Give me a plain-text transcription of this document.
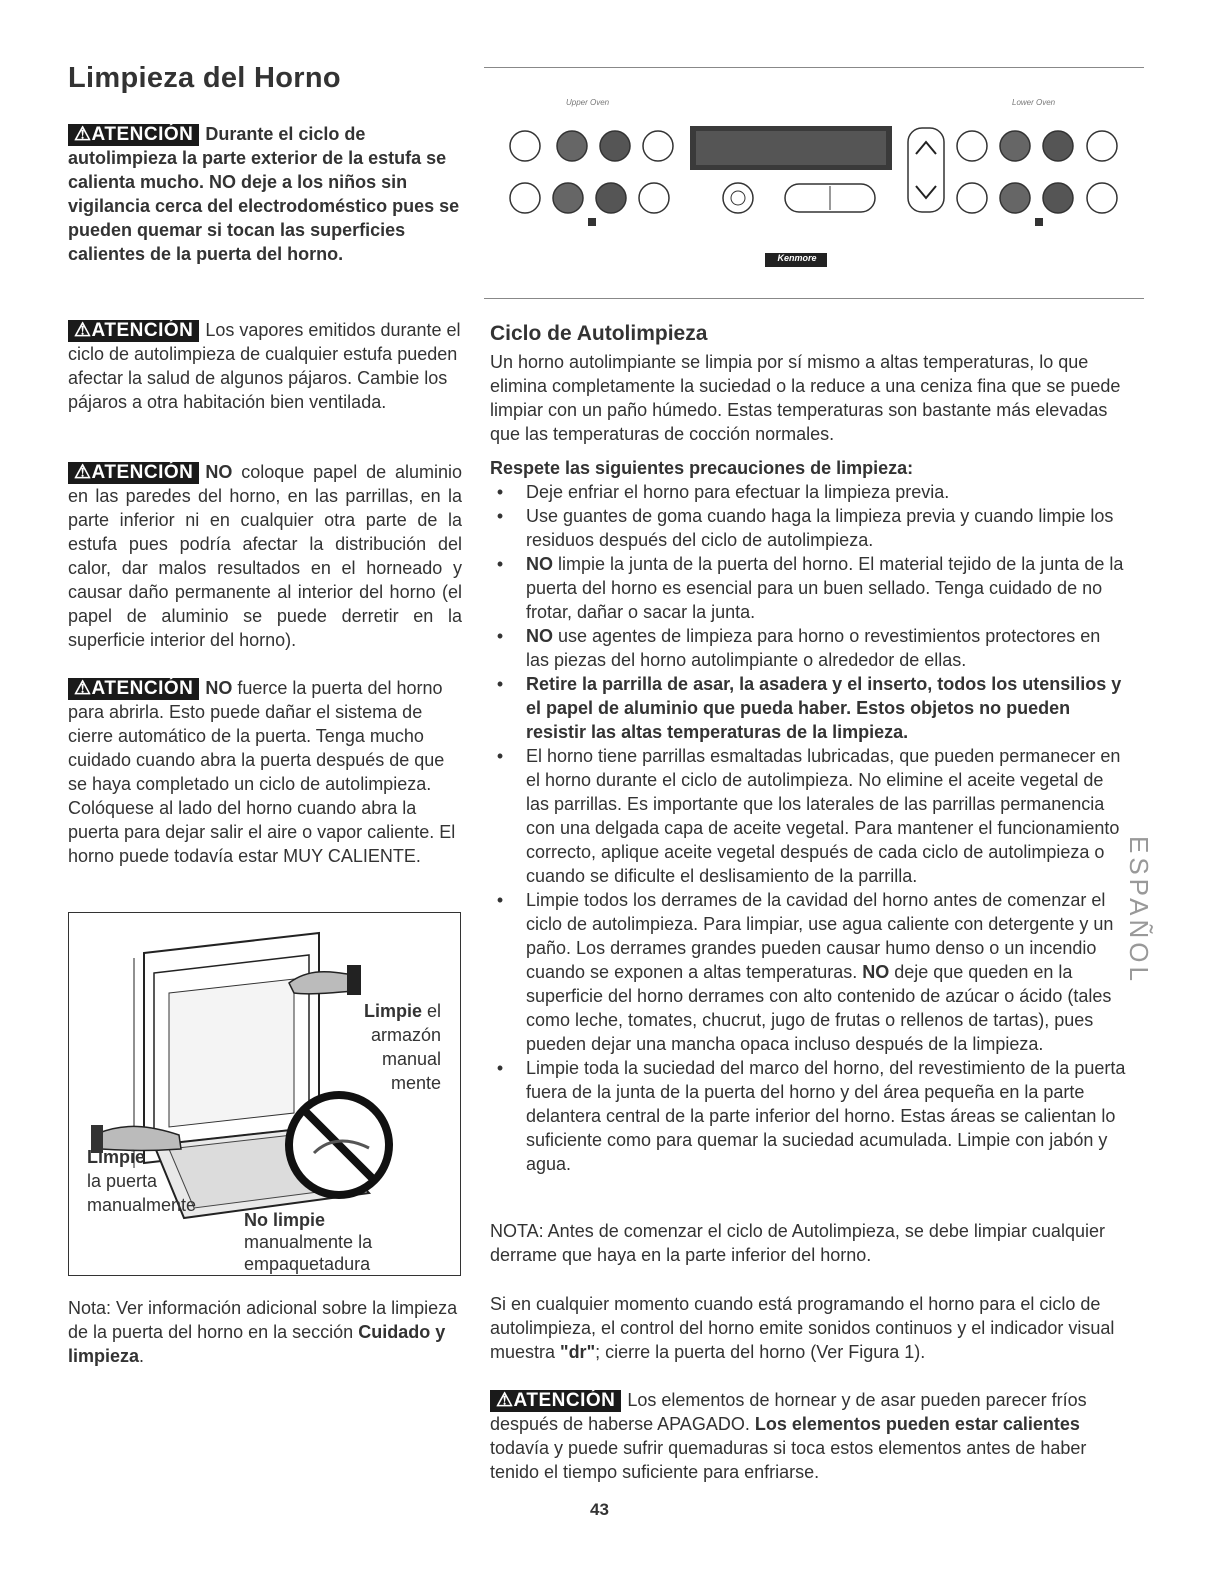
Limpieza del Horno
⚠ATENCIÓN Durante el ciclo de autolimpieza la parte exterior de la estufa se calienta mucho. NO deje a los niños sin vigilancia cerca del electrodoméstico pues se pueden quemar si tocan las superficies calientes de la puerta del horno.
⚠ATENCIÓN Los vapores emitidos durante el ciclo de autolimpieza de cualquier estufa pueden afectar la salud de algunos pájaros. Cambie los pájaros a otra habitación bien ventilada.
⚠ATENCIÓN NO coloque papel de aluminio en las paredes del horno, en las parrillas, en la parte inferior ni en cualquier otra parte de la estufa pues podría afectar la distribución del calor, dar malos resultados en el horneado y causar daño permanente al interior del horno (el papel de aluminio se puede derretir en la superficie interior del horno).
⚠ATENCIÓN NO fuerce la puerta del horno para abrirla. Esto puede dañar el sistema de cierre automático de la puerta. Tenga mucho cuidado cuando abra la puerta después de que se haya completado un ciclo de autolimpieza. Colóquese al lado del horno cuando abra la puerta para dejar salir el aire o vapor caliente. El horno puede todavía estar MUY CALIENTE.
Limpie el
armazón
manual
mente
Limpie
la puerta
manualmente
No limpie
manualmente la
empaquetadura
Nota: Ver información adicional sobre la limpieza de la puerta del horno en la sección Cuidado y limpieza.
Upper Oven	Lower Oven
Kenmore
Ciclo de Autolimpieza
Un horno autolimpiante se limpia por sí mismo a altas temperaturas, lo que elimina completamente la suciedad o la reduce a una ceniza fina que se puede limpiar con un paño húmedo. Estas temperaturas son bastante más elevadas que las temperaturas de cocción normales.
Respete las siguientes precauciones de limpieza:
•	Deje enfriar el horno para efectuar la limpieza previa.
•	Use guantes de goma cuando haga la limpieza previa y cuando limpie los residuos después del ciclo de autolimpieza.
•	NO limpie la junta de la puerta del horno. El material tejido de la junta de la puerta del horno es esencial para un buen sellado. Tenga cuidado de no frotar, dañar o sacar la junta.
•	NO use agentes de limpieza para horno o revestimientos protectores en las piezas del horno autolimpiante o alrededor de ellas.
•	Retire la parrilla de asar, la asadera y el inserto, todos los utensilios y el papel de aluminio que pueda haber. Estos objetos no pueden resistir las altas temperaturas de la limpieza.
•	El horno tiene parrillas esmaltadas lubricadas, que pueden permanecer en el horno durante el ciclo de autolimpieza. No elimine el aceite vegetal de las parrillas. Es importante que los laterales de las parrillas permanencia con una delgada capa de aceite vegetal. Para mantener el funcionamiento correcto, aplique aceite vegetal después de cada ciclo de autolimpieza o cuando se dificulte el deslisamiento de la parrilla.
•	Limpie todos los derrames de la cavidad del horno antes de comenzar el ciclo de autolimpieza. Para limpiar, use agua caliente con detergente y un paño. Los derrames grandes pueden causar humo denso o un incendio cuando se exponen a altas temperaturas. NO deje que queden en la superficie del horno derrames con alto contenido de azúcar o ácido (tales como leche, tomates, chucrut, jugo de frutas o rellenos de tartas), pues pueden dejar una mancha opaca incluso después de la limpieza.
•	Limpie toda la suciedad del marco del horno, del revestimiento de la puerta fuera de la junta de la puerta del horno y del área pequeña en la parte delantera central de la parte inferior del horno. Estas áreas se calientan lo suficiente como para quemar la suciedad acumulada. Limpie con jabón y agua.
NOTA: Antes de comenzar el ciclo de Autolimpieza, se debe limpiar cualquier derrame que haya en la parte inferior del horno.
Si en cualquier momento cuando está programando el horno para el ciclo de autolimpieza, el control del horno emite sonidos continuos y el indicador visual muestra "dr"; cierre la puerta del horno (Ver Figura 1).
⚠ATENCIÓN Los elementos de hornear y de asar pueden parecer fríos después de haberse APAGADO. Los elementos pueden estar calientes todavía y puede sufrir quemaduras si toca estos elementos antes de haber tenido el tiempo suficiente para enfriarse.
ESPAÑOL
43
